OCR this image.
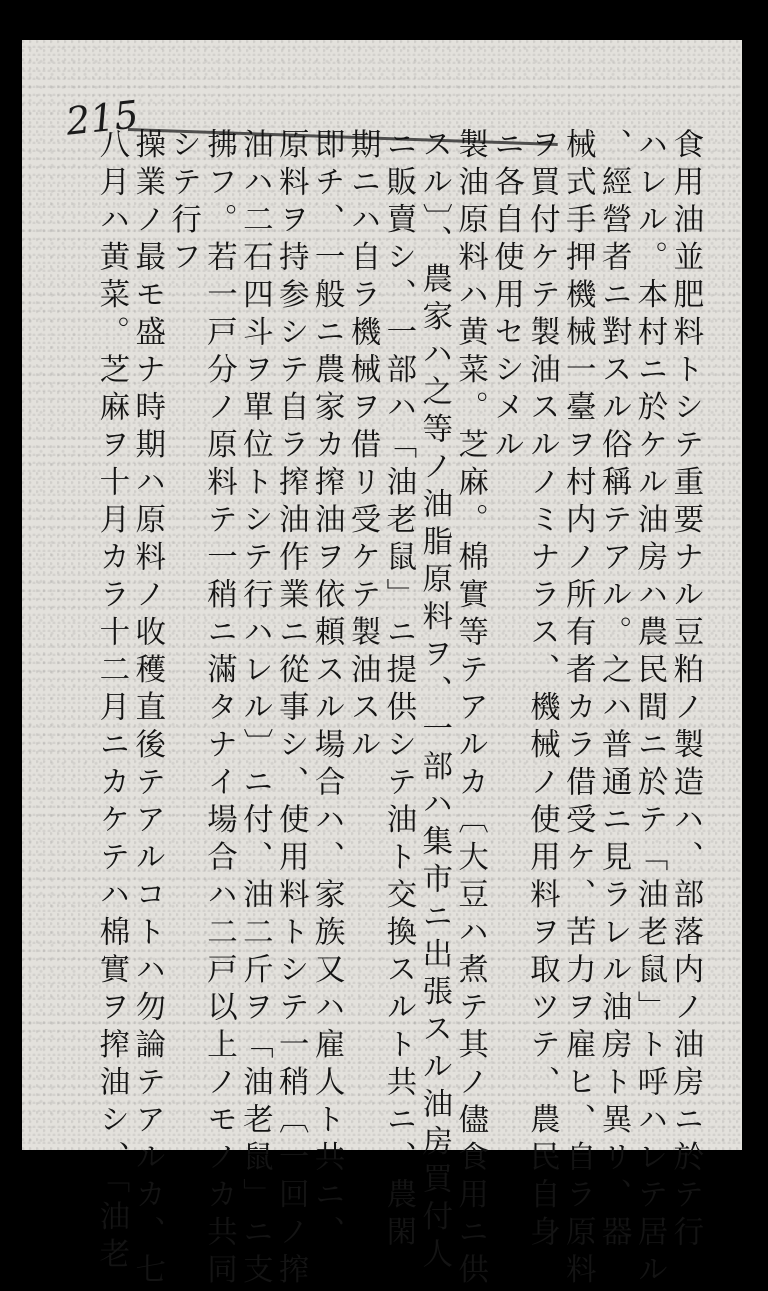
215
食用油並肥料トシテ重要ナル豆粕ノ製造ハ、部落内ノ油房ニ於テ行
ハレル。本村ニ於ケル油房ハ農民間ニ於テ「油老鼠」ト呼ハレテ居ル
、經營者ニ對スル俗稱テアル。之ハ普通ニ見ラレル油房ト異リ、器
械式手押機械一臺ヲ村内ノ所有者カラ借受ケ、苦力ヲ雇ヒ、自ラ原料
ヲ買付ケテ製油スルノミナラス、機械ノ使用料ヲ取ツテ、農民自身
ニ各自使用セシメル
製油原料ハ黄菜。芝麻。棉實等テアルカ〔大豆ハ煮テ其ノ儘食用ニ供
スル〕、農家ハ之等ノ油脂原料ヲ、一部ハ集市ニ出張スル油房買付人
ニ販賣シ、一部ハ「油老鼠」ニ提供シテ油ト交換スルト共ニ、農閑
期ニハ自ラ機械ヲ借リ受ケテ製油スル
即チ、一般ニ農家カ搾油ヲ依頼スル場合ハ、家族又ハ雇人ト共ニ、
原料ヲ持参シテ自ラ搾油作業ニ從事シ、使用料トシテ一稍〔一回ノ搾
油ハ二石四斗ヲ單位トシテ行ハレル〕ニ付、油二斤ヲ「油老鼠」ニ支
拂フ。若一戸分ノ原料テ一稍ニ滿タナイ場合ハ二戸以上ノモノカ共同
シテ行フ
操業ノ最モ盛ナ時期ハ原料ノ收穫直後テアルコトハ勿論テアルカ、七
八月ハ黄菜。芝麻ヲ十月カラ十二月ニカケテハ棉實ヲ搾油シ、「油老
